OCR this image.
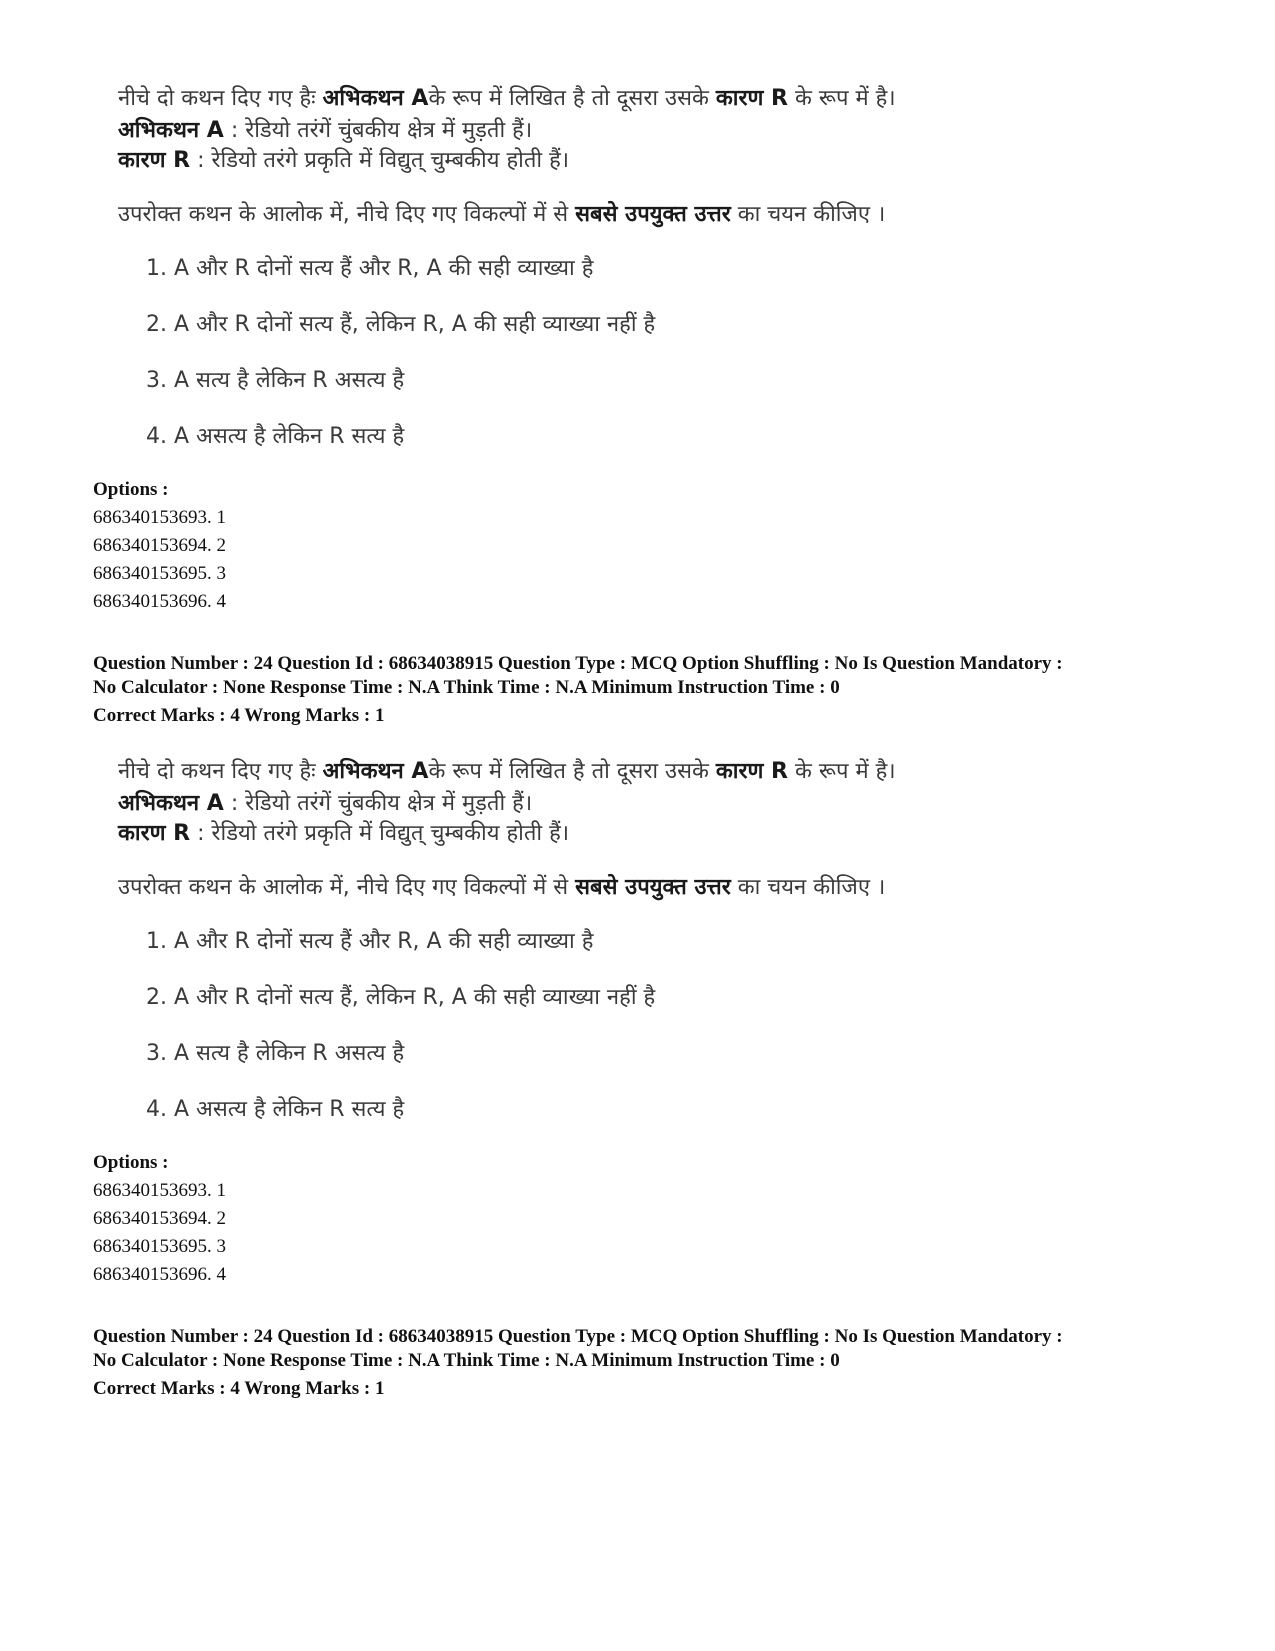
नीचे दो कथन दिए गए हैः अभिकथन Aके रूप में लिखित है तो दूसरा उसके कारण R के रूप में है।
अभिकथन A : रेडियो तरंगें चुंबकीय क्षेत्र में मुड़ती हैं।
कारण R : रेडियो तरंगे प्रकृति में विद्युत् चुम्बकीय होती हैं।
उपरोक्त कथन के आलोक में, नीचे दिए गए विकल्पों में से सबसे उपयुक्त उत्तर का चयन कीजिए ।
1. A और R दोनों सत्य हैं और R, A की सही व्याख्या है
2. A और R दोनों सत्य हैं, लेकिन R, A की सही व्याख्या नहीं है
3. A सत्य है लेकिन R असत्य है
4. A असत्य है लेकिन R सत्य है
Options :
686340153693. 1
686340153694. 2
686340153695. 3
686340153696. 4
Question Number : 24 Question Id : 68634038915 Question Type : MCQ Option Shuffling : No Is Question Mandatory :
No Calculator : None Response Time : N.A Think Time : N.A Minimum Instruction Time : 0
Correct Marks : 4 Wrong Marks : 1
नीचे दो कथन दिए गए हैः अभिकथन Aके रूप में लिखित है तो दूसरा उसके कारण R के रूप में है।
अभिकथन A : रेडियो तरंगें चुंबकीय क्षेत्र में मुड़ती हैं।
कारण R : रेडियो तरंगे प्रकृति में विद्युत् चुम्बकीय होती हैं।
उपरोक्त कथन के आलोक में, नीचे दिए गए विकल्पों में से सबसे उपयुक्त उत्तर का चयन कीजिए ।
1. A और R दोनों सत्य हैं और R, A की सही व्याख्या है
2. A और R दोनों सत्य हैं, लेकिन R, A की सही व्याख्या नहीं है
3. A सत्य है लेकिन R असत्य है
4. A असत्य है लेकिन R सत्य है
Options :
686340153693. 1
686340153694. 2
686340153695. 3
686340153696. 4
Question Number : 24 Question Id : 68634038915 Question Type : MCQ Option Shuffling : No Is Question Mandatory :
No Calculator : None Response Time : N.A Think Time : N.A Minimum Instruction Time : 0
Correct Marks : 4 Wrong Marks : 1
